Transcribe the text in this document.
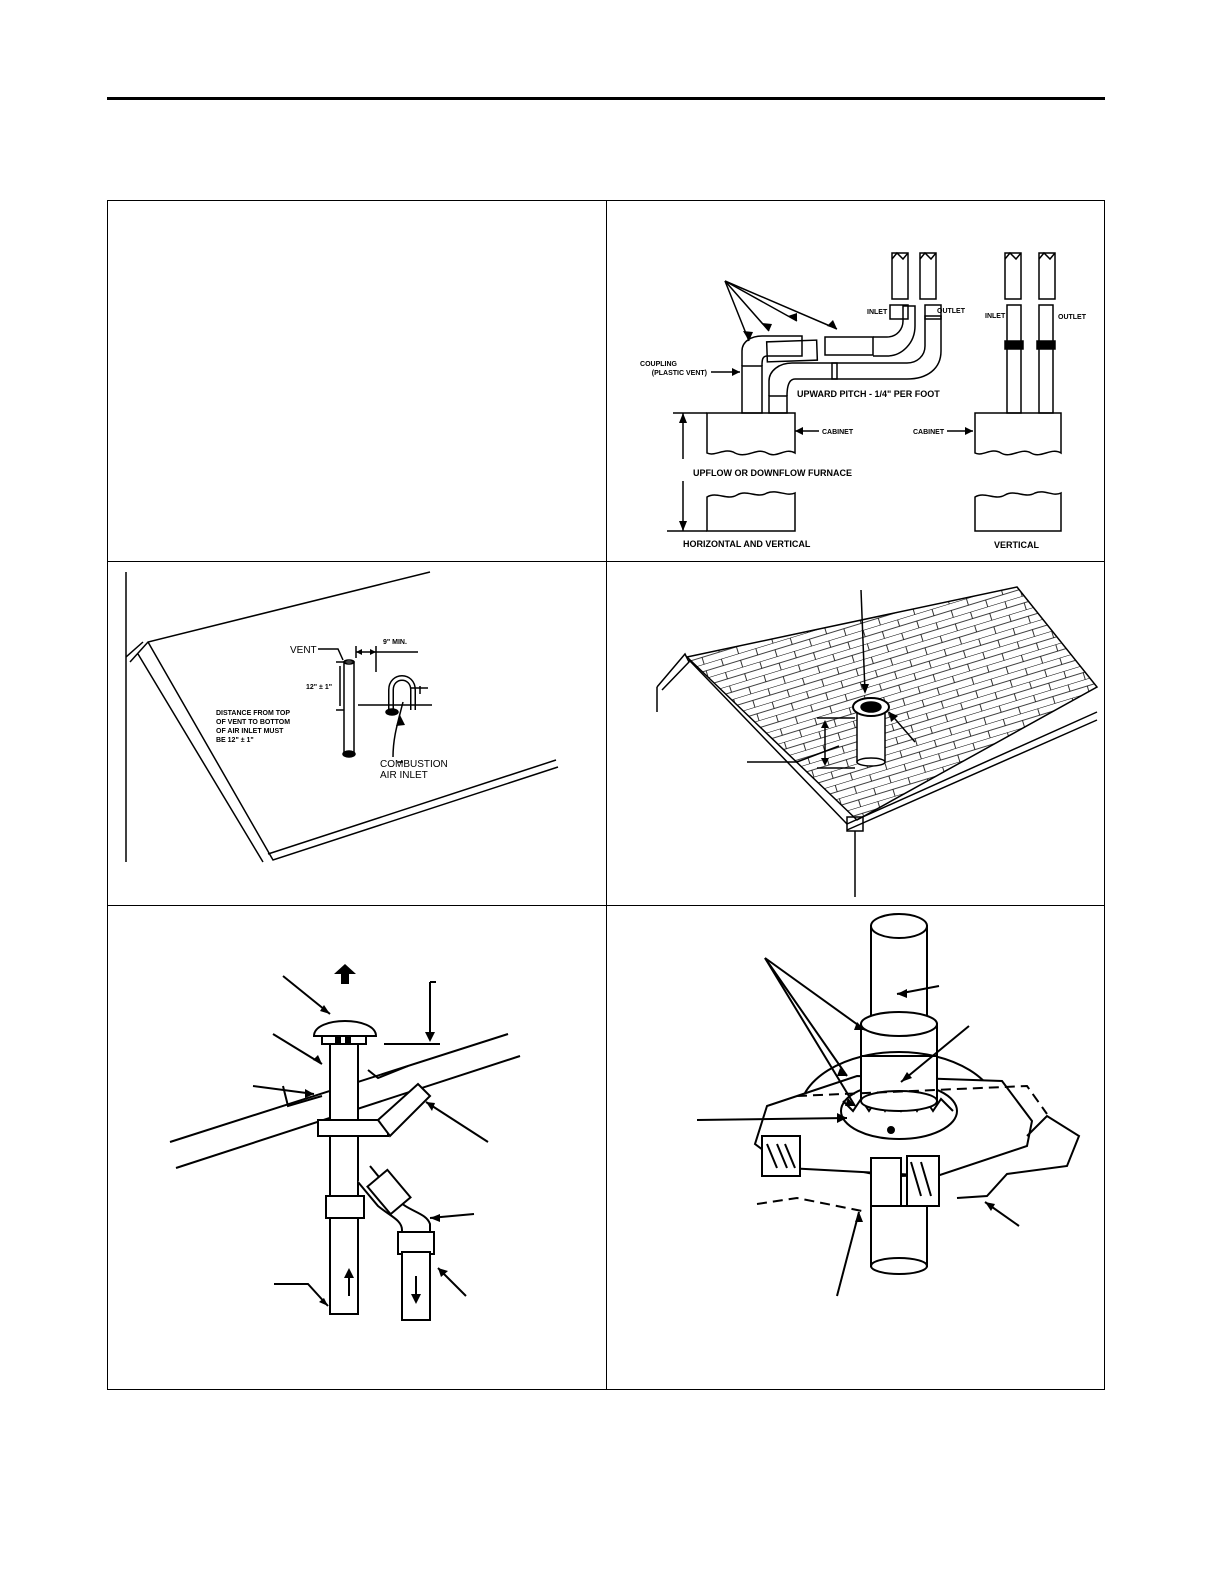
COUPLING
(PLASTIC VENT)
INLET	OUTLET
INLET	OUTLET
UPWARD PITCH - 1/4" PER FOOT
CABINET	CABINET
UPFLOW OR DOWNFLOW FURNACE
HORIZONTAL AND VERTICAL	VERTICAL
VENT
9" MIN.
12" ± 1"
DISTANCE FROM TOP
OF VENT TO BOTTOM
OF AIR INLET MUST
BE 12" ± 1"
COMBUSTION
AIR INLET
